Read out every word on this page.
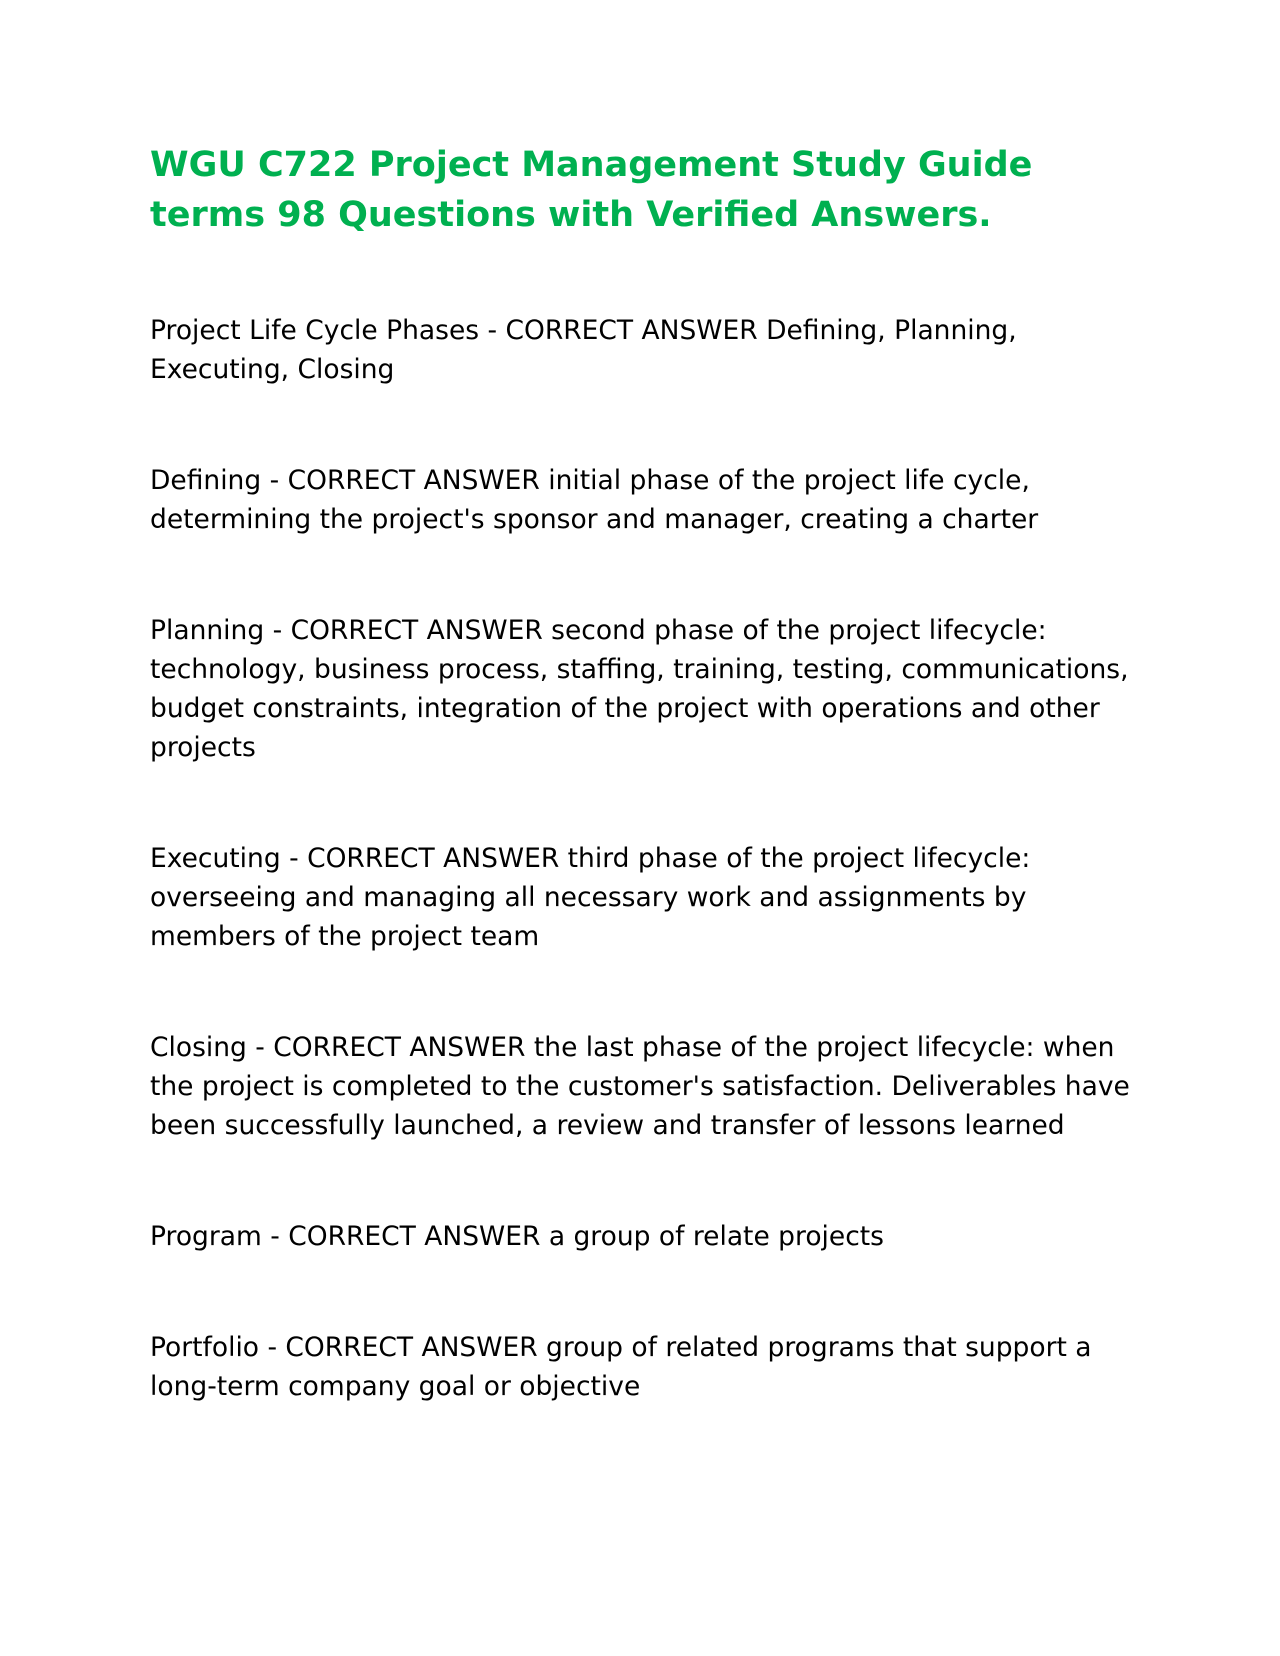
WGU C722 Project Management Study Guide
terms 98 Questions with Verified Answers.

Project Life Cycle Phases - CORRECT ANSWER Defining, Planning, Executing, Closing

Defining - CORRECT ANSWER initial phase of the project life cycle, determining the project's sponsor and manager, creating a charter

Planning - CORRECT ANSWER second phase of the project lifecycle: technology, business process, staffing, training, testing, communications, budget constraints, integration of the project with operations and other projects

Executing - CORRECT ANSWER third phase of the project lifecycle: overseeing and managing all necessary work and assignments by members of the project team

Closing - CORRECT ANSWER the last phase of the project lifecycle: when the project is completed to the customer's satisfaction. Deliverables have been successfully launched, a review and transfer of lessons learned

Program - CORRECT ANSWER a group of relate projects

Portfolio - CORRECT ANSWER group of related programs that support a long-term company goal or objective
